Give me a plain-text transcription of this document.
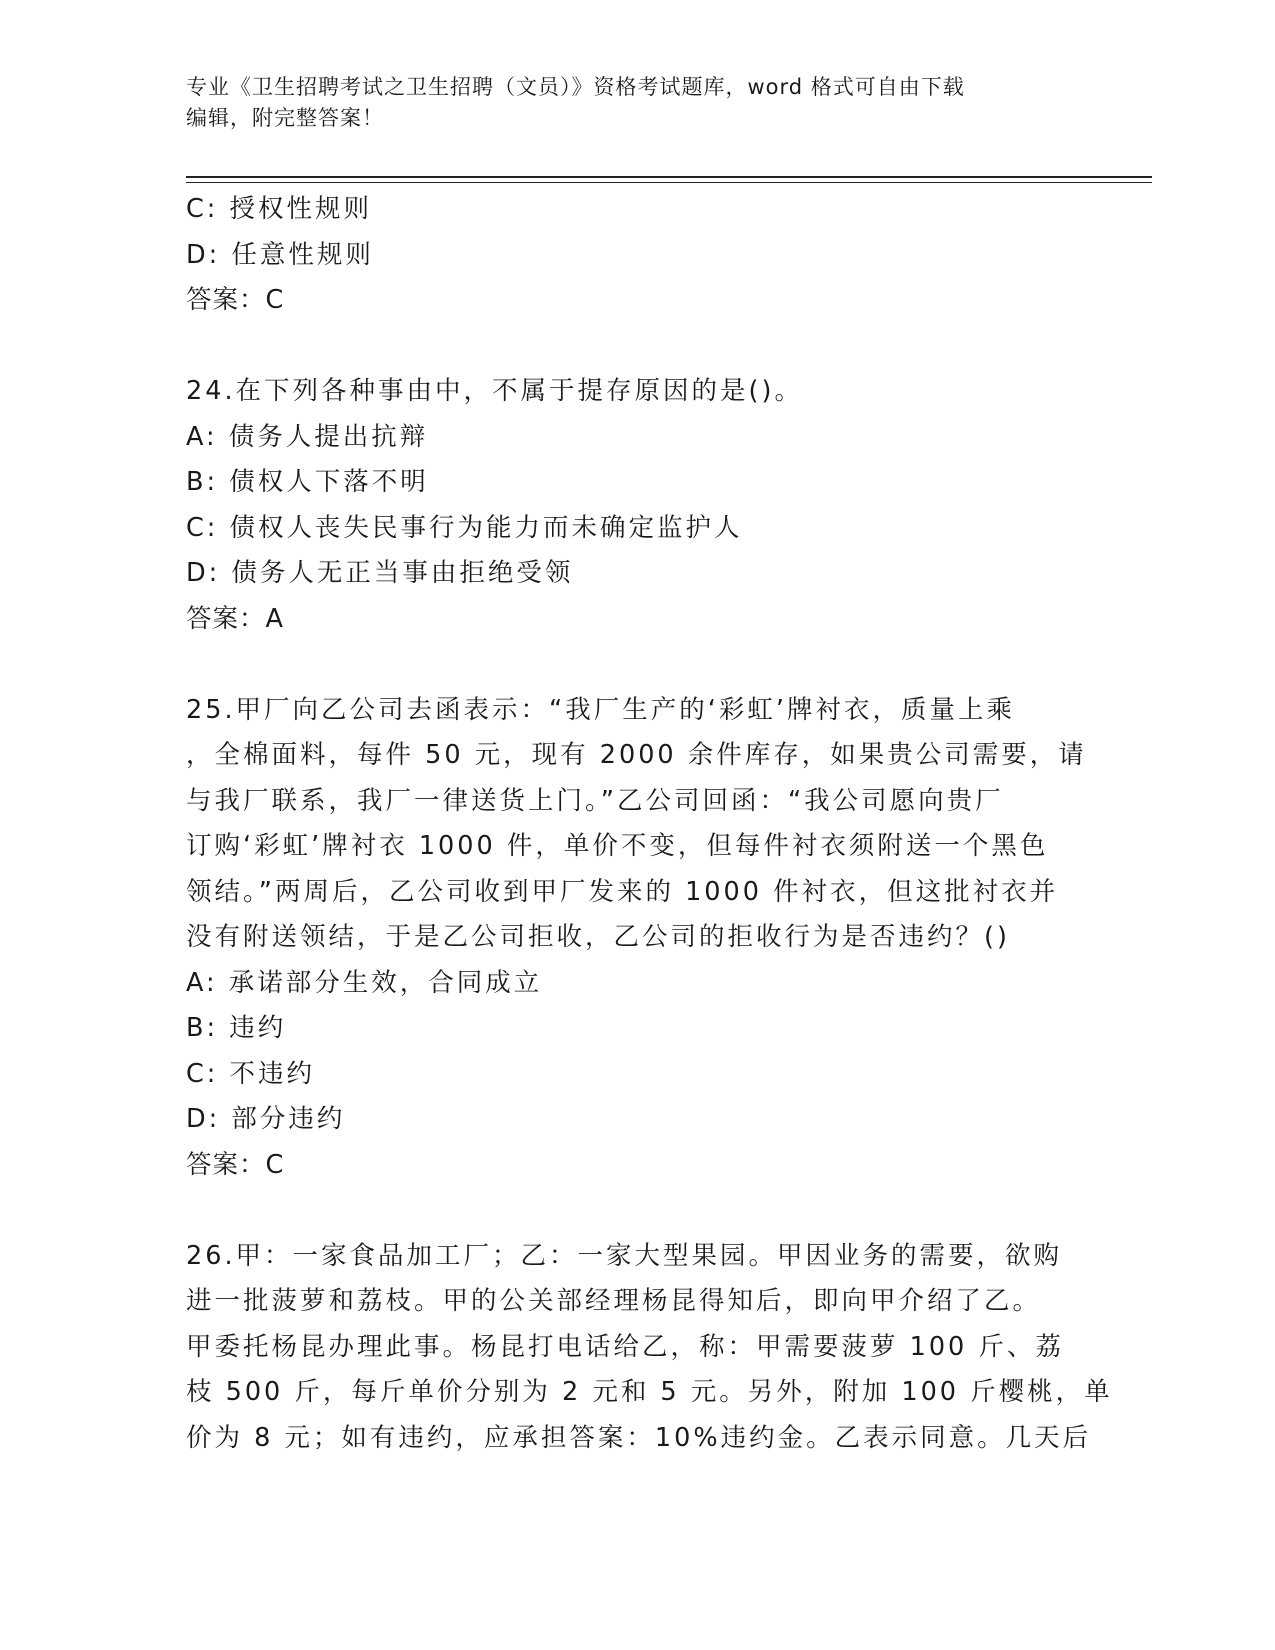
专业《卫生招聘考试之卫生招聘（文员）》资格考试题库，word 格式可自由下载

编辑，附完整答案！

C: 授权性规则

D: 任意性规则

答案：C

24.在下列各种事由中，不属于提存原因的是()。

A: 债务人提出抗辩

B: 债权人下落不明

C: 债权人丧失民事行为能力而未确定监护人

D: 债务人无正当事由拒绝受领

答案：A

25.甲厂向乙公司去函表示：“我厂生产的‘彩虹’牌衬衣，质量上乘

，全棉面料，每件 50 元，现有 2000 余件库存，如果贵公司需要，请

与我厂联系，我厂一律送货上门。”乙公司回函：“我公司愿向贵厂

订购‘彩虹’牌衬衣 1000 件，单价不变，但每件衬衣须附送一个黑色

领结。”两周后，乙公司收到甲厂发来的 1000 件衬衣，但这批衬衣并

没有附送领结，于是乙公司拒收，乙公司的拒收行为是否违约？()

A: 承诺部分生效，合同成立

B: 违约

C: 不违约

D: 部分违约

答案：C

26.甲：一家食品加工厂；乙：一家大型果园。甲因业务的需要，欲购

进一批菠萝和荔枝。甲的公关部经理杨昆得知后，即向甲介绍了乙。

甲委托杨昆办理此事。杨昆打电话给乙，称：甲需要菠萝 100 斤、荔

枝 500 斤，每斤单价分别为 2 元和 5 元。另外，附加 100 斤樱桃，单

价为 8 元；如有违约，应承担答案：10%违约金。乙表示同意。几天后
